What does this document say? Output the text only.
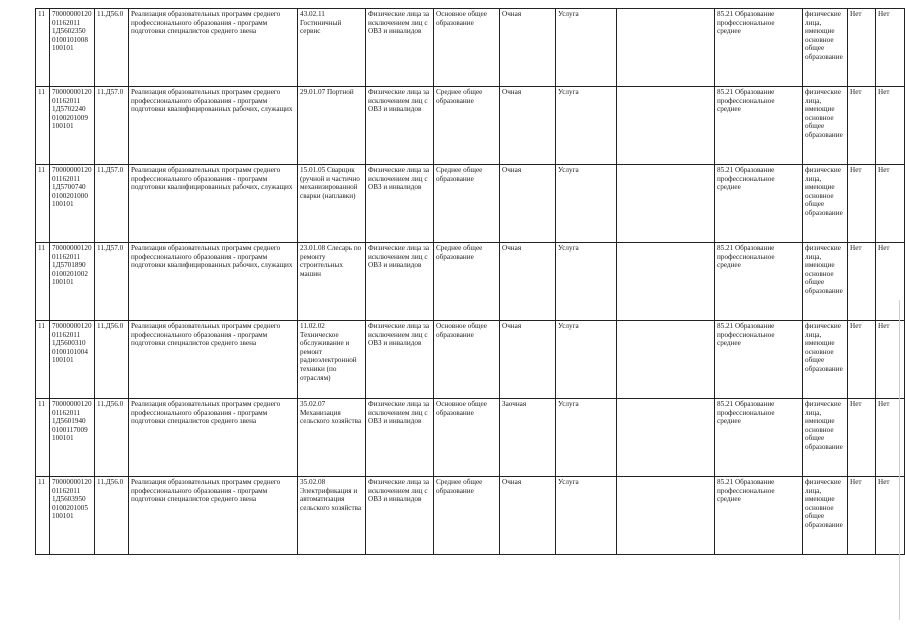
11	7000000012001162011 1Д5602350 0100101008 100101	11.Д56.0	Реализация образовательных программ среднего профессионального образования - программ подготовки специалистов среднего звена	43.02.11 Гостиничный сервис	Физические лица за исключением лиц с ОВЗ и инвалидов	Основное общее образование	Очная	Услуга		85.21 Образование профессиональное среднее	физические лица, имеющие основное общее образование	Нет	Нет	
11	7000000012001162011 1Д5702240 0100201009 100101	11.Д57.0	Реализация образовательных программ среднего профессионального образования - программ подготовки квалифицированных рабочих, служащих	29.01.07 Портной	Физические лица за исключением лиц с ОВЗ и инвалидов	Среднее общее образование	Очная	Услуга		85.21 Образование профессиональное среднее	физические лица, имеющие основное общее образование	Нет	Нет	
11	7000000012001162011 1Д5700740 0100201000 100101	11.Д57.0	Реализация образовательных программ среднего профессионального образования - программ подготовки квалифицированных рабочих, служащих	15.01.05 Сварщик (ручной и частично механизированной сварки (наплавки)	Физические лица за исключением лиц с ОВЗ и инвалидов	Среднее общее образование	Очная	Услуга		85.21 Образование профессиональное среднее	физические лица, имеющие основное общее образование	Нет	Нет	
11	7000000012001162011 1Д5701890 0100201002 100101	11.Д57.0	Реализация образовательных программ среднего профессионального образования - программ подготовки квалифицированных рабочих, служащих	23.01.08 Слесарь по ремонту строительных машин	Физические лица за исключением лиц с ОВЗ и инвалидов	Среднее общее образование	Очная	Услуга		85.21 Образование профессиональное среднее	физические лица, имеющие основное общее образование	Нет	Нет	
11	7000000012001162011 1Д5600310 0100101004 100101	11.Д56.0	Реализация образовательных программ среднего профессионального образования - программ подготовки специалистов среднего звена	11.02.02 Техническое обслуживание и ремонт радиоэлектронной техники (по отраслям)	Физические лица за исключением лиц с ОВЗ и инвалидов	Основное общее образование	Очная	Услуга		85.21 Образование профессиональное среднее	физические лица, имеющие основное общее образование	Нет	Нет	
11	7000000012001162011 1Д5601940 0100117009 100101	11.Д56.0	Реализация образовательных программ среднего профессионального образования - программ подготовки специалистов среднего звена	35.02.07 Механизация сельского хозяйства	Физические лица за исключением лиц с ОВЗ и инвалидов	Основное общее образование	Заочная	Услуга		85.21 Образование профессиональное среднее	физические лица, имеющие основное общее образование	Нет	Нет	
11	7000000012001162011 1Д5603950 0100201005 100101	11.Д56.0	Реализация образовательных программ среднего профессионального образования - программ подготовки специалистов среднего звена	35.02.08 Электрификация и автоматизация сельского хозяйства	Физические лица за исключением лиц с ОВЗ и инвалидов	Среднее общее образование	Очная	Услуга		85.21 Образование профессиональное среднее	физические лица, имеющие основное общее образование	Нет	Нет	
